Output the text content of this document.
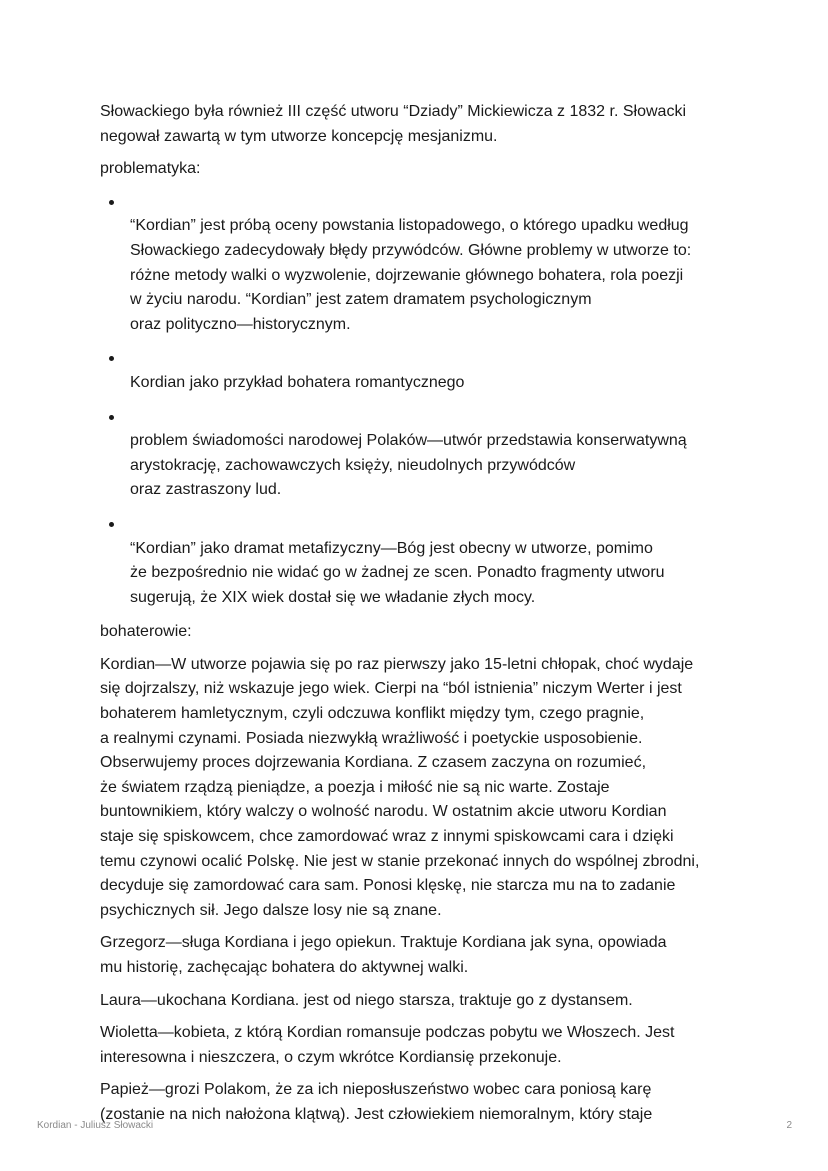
Słowackiego była również III część utworu “Dziady” Mickiewicza z 1832 r. Słowacki
negował zawartą w tym utworze koncepcję mesjanizmu.

problematyka:

“Kordian” jest próbą oceny powstania listopadowego, o którego upadku według
Słowackiego zadecydowały błędy przywódców. Główne problemy w utworze to:
różne metody walki o wyzwolenie, dojrzewanie głównego bohatera, rola poezji
w życiu narodu. “Kordian” jest zatem dramatem psychologicznym
oraz polityczno—historycznym.

Kordian jako przykład bohatera romantycznego

problem świadomości narodowej Polaków—utwór przedstawia konserwatywną
arystokrację, zachowawczych księży, nieudolnych przywódców
oraz zastraszony lud.

“Kordian” jako dramat metafizyczny—Bóg jest obecny w utworze, pomimo
że bezpośrednio nie widać go w żadnej ze scen. Ponadto fragmenty utworu
sugerują, że XIX wiek dostał się we władanie złych mocy.

bohaterowie:

Kordian—W utworze pojawia się po raz pierwszy jako 15-letni chłopak, choć wydaje
się dojrzalszy, niż wskazuje jego wiek. Cierpi na “ból istnienia” niczym Werter i jest
bohaterem hamletycznym, czyli odczuwa konflikt między tym, czego pragnie,
a realnymi czynami. Posiada niezwykłą wrażliwość i poetyckie usposobienie.
Obserwujemy proces dojrzewania Kordiana. Z czasem zaczyna on rozumieć,
że światem rządzą pieniądze, a poezja i miłość nie są nic warte. Zostaje
buntownikiem, który walczy o wolność narodu. W ostatnim akcie utworu Kordian
staje się spiskowcem, chce zamordować wraz z innymi spiskowcami cara i dzięki
temu czynowi ocalić Polskę. Nie jest w stanie przekonać innych do wspólnej zbrodni,
decyduje się zamordować cara sam. Ponosi klęskę, nie starcza mu na to zadanie
psychicznych sił. Jego dalsze losy nie są znane.

Grzegorz—sługa Kordiana i jego opiekun. Traktuje Kordiana jak syna, opowiada
mu historię, zachęcając bohatera do aktywnej walki.

Laura—ukochana Kordiana. jest od niego starsza, traktuje go z dystansem.

Wioletta—kobieta, z którą Kordian romansuje podczas pobytu we Włoszech. Jest
interesowna i nieszczera, o czym wkrótce Kordiansię przekonuje.

Papież—grozi Polakom, że za ich nieposłuszeństwo wobec cara poniosą karę
(zostanie na nich nałożona klątwą). Jest człowiekiem niemoralnym, który staje

Kordian - Juliusz Słowacki	2
